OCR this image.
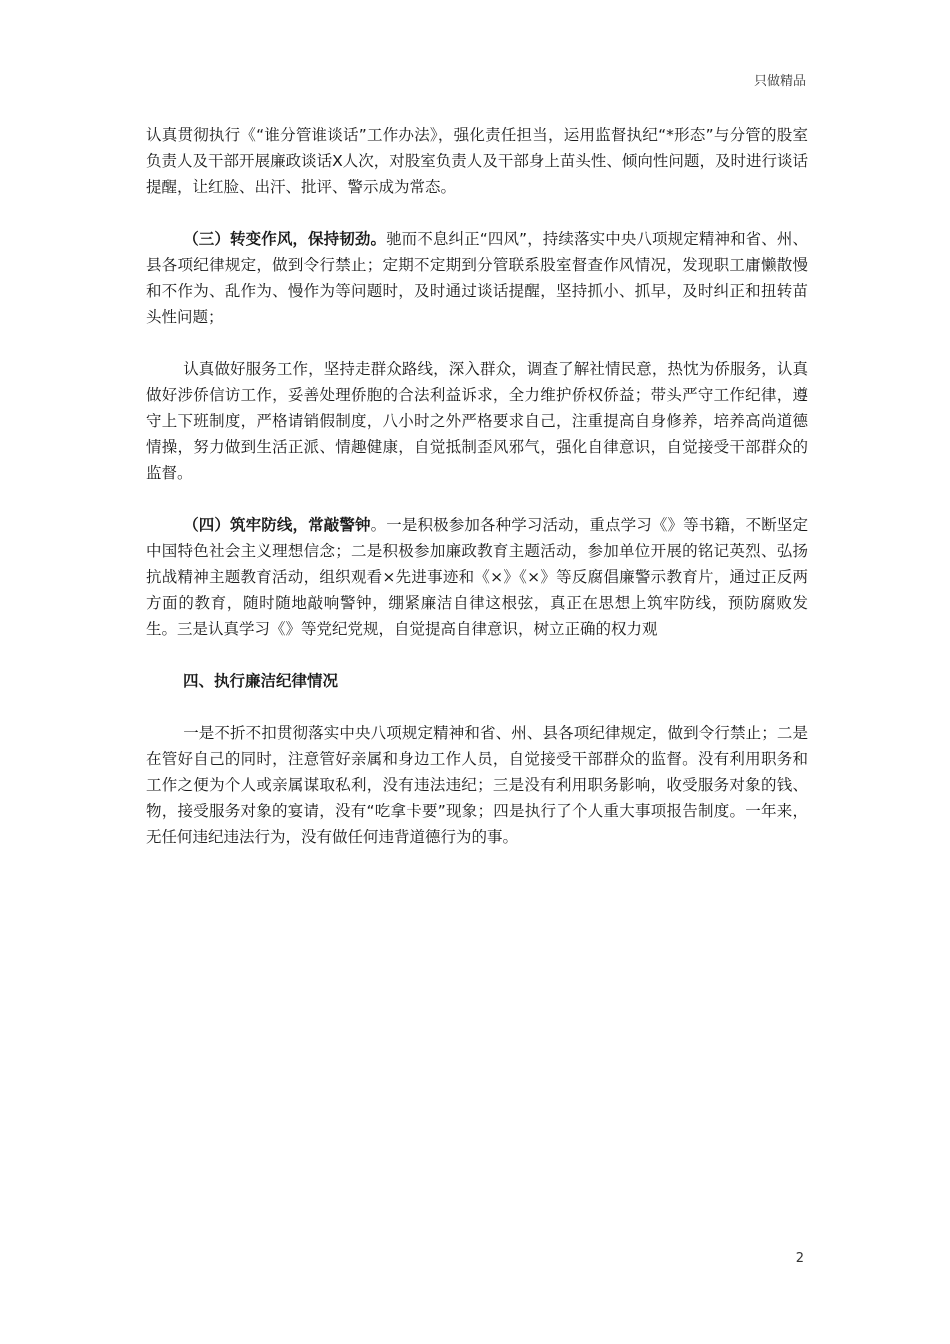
只做精品

认真贯彻执行《“谁分管谁谈话”工作办法》，强化责任担当，运用监督执纪“*形态”与分管的股室负责人及干部开展廉政谈话X人次，对股室负责人及干部身上苗头性、倾向性问题，及时进行谈话提醒，让红脸、出汗、批评、警示成为常态。

（三）转变作风，保持韧劲。驰而不息纠正“四风”，持续落实中央八项规定精神和省、州、县各项纪律规定，做到令行禁止；定期不定期到分管联系股室督查作风情况，发现职工庸懒散慢和不作为、乱作为、慢作为等问题时，及时通过谈话提醒，坚持抓小、抓早，及时纠正和扭转苗头性问题；

认真做好服务工作，坚持走群众路线，深入群众，调查了解社情民意，热忱为侨服务，认真做好涉侨信访工作，妥善处理侨胞的合法利益诉求，全力维护侨权侨益；带头严守工作纪律，遵守上下班制度，严格请销假制度，八小时之外严格要求自己，注重提高自身修养，培养高尚道德情操，努力做到生活正派、情趣健康，自觉抵制歪风邪气，强化自律意识，自觉接受干部群众的监督。

（四）筑牢防线，常敲警钟。一是积极参加各种学习活动，重点学习《》等书籍，不断坚定中国特色社会主义理想信念；二是积极参加廉政教育主题活动，参加单位开展的铭记英烈、弘扬抗战精神主题教育活动，组织观看×先进事迹和《×》《×》等反腐倡廉警示教育片，通过正反两方面的教育，随时随地敲响警钟，绷紧廉洁自律这根弦，真正在思想上筑牢防线，预防腐败发生。三是认真学习《》等党纪党规，自觉提高自律意识，树立正确的权力观

四、执行廉洁纪律情况

一是不折不扣贯彻落实中央八项规定精神和省、州、县各项纪律规定，做到令行禁止；二是在管好自己的同时，注意管好亲属和身边工作人员，自觉接受干部群众的监督。没有利用职务和工作之便为个人或亲属谋取私利，没有违法违纪；三是没有利用职务影响，收受服务对象的钱、物，接受服务对象的宴请，没有“吃拿卡要”现象；四是执行了个人重大事项报告制度。一年来，无任何违纪违法行为，没有做任何违背道德行为的事。

2
